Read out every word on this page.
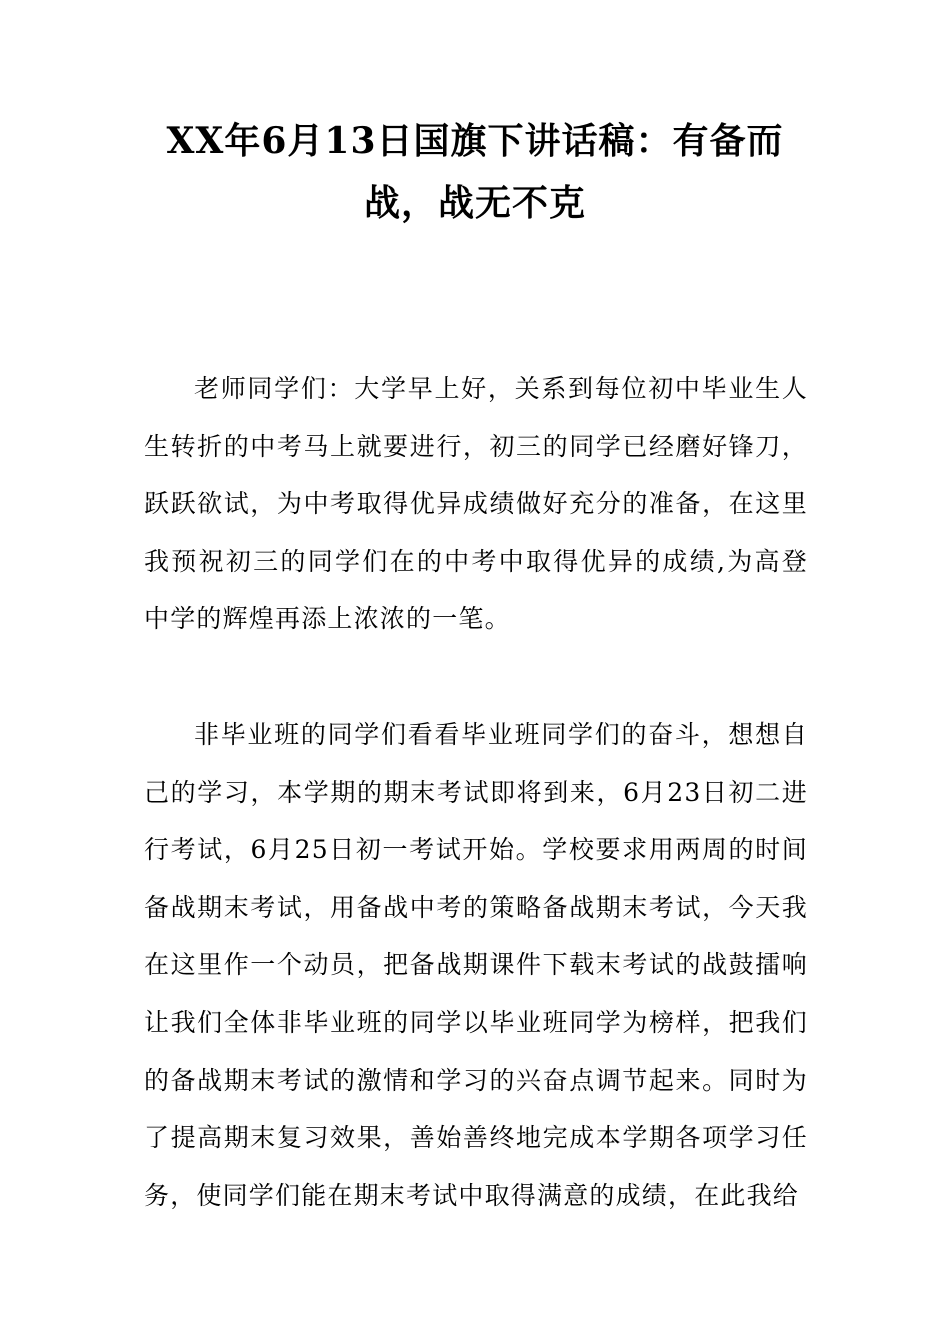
XX年6月13日国旗下讲话稿：有备而战，战无不克

老师同学们：大学早上好，关系到每位初中毕业生人生转折的中考马上就要进行，初三的同学已经磨好锋刀，跃跃欲试，为中考取得优异成绩做好充分的准备，在这里我预祝初三的同学们在的中考中取得优异的成绩,为高登中学的辉煌再添上浓浓的一笔。

非毕业班的同学们看看毕业班同学们的奋斗，想想自己的学习，本学期的期末考试即将到来，6月23日初二进行考试，6月25日初一考试开始。学校要求用两周的时间备战期末考试，用备战中考的策略备战期末考试，今天我在这里作一个动员，把备战期课件下载末考试的战鼓擂响让我们全体非毕业班的同学以毕业班同学为榜样，把我们的备战期末考试的激情和学习的兴奋点调节起来。同时为了提高期末复习效果，善始善终地完成本学期各项学习任务，使同学们能在期末考试中取得满意的成绩，在此我给
